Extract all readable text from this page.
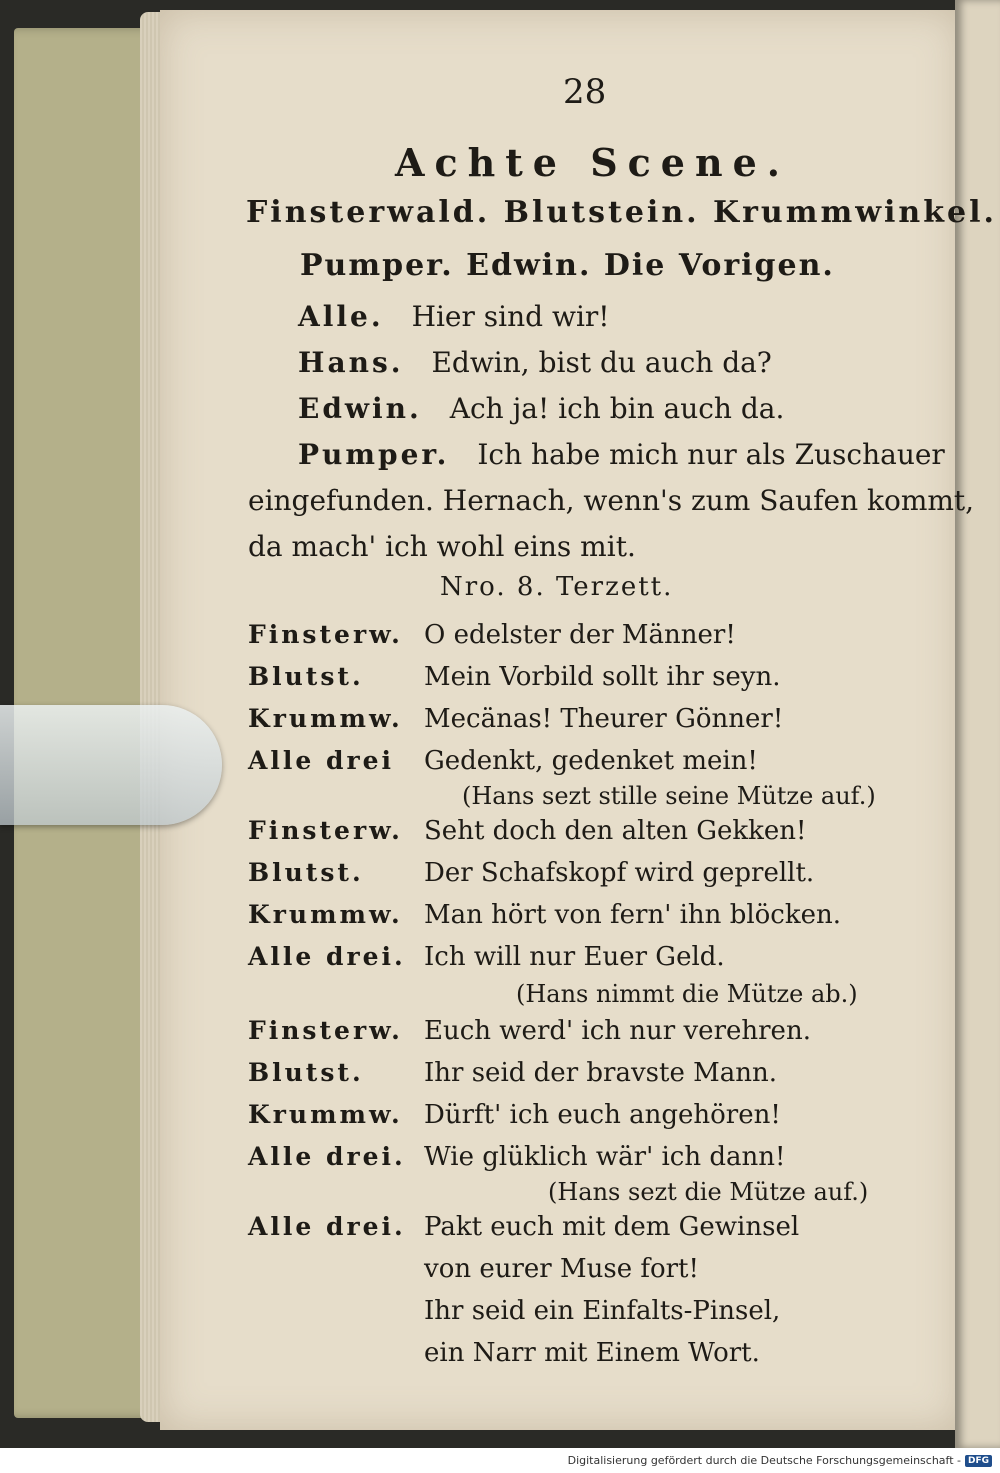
28
Achte Scene.
Finsterwald. Blutstein. Krummwinkel.
Pumper. Edwin. Die Vorigen.
Alle. Hier sind wir!
Hans. Edwin, bist du auch da?
Edwin. Ach ja! ich bin auch da.
Pumper. Ich habe mich nur als Zuschauer
eingefunden. Hernach, wenn's zum Saufen kommt,
da mach' ich wohl eins mit.
Nro. 8. Terzett.
Finsterw. O edelster der Männer!
Blutst. Mein Vorbild sollt ihr seyn.
Krummw. Mecänas! Theurer Gönner!
Alle drei Gedenkt, gedenket mein!
(Hans sezt stille seine Mütze auf.)
Finsterw. Seht doch den alten Gekken!
Blutst. Der Schafskopf wird geprellt.
Krummw. Man hört von fern' ihn blöcken.
Alle drei. Ich will nur Euer Geld.
(Hans nimmt die Mütze ab.)
Finsterw. Euch werd' ich nur verehren.
Blutst. Ihr seid der bravste Mann.
Krummw. Dürft' ich euch angehören!
Alle drei. Wie glüklich wär' ich dann!
(Hans sezt die Mütze auf.)
Alle drei. Pakt euch mit dem Gewinsel
von eurer Muse fort!
Ihr seid ein Einfalts-Pinsel,
ein Narr mit Einem Wort.
Digitalisierung gefördert durch die Deutsche Forschungsgemeinschaft - DFG
